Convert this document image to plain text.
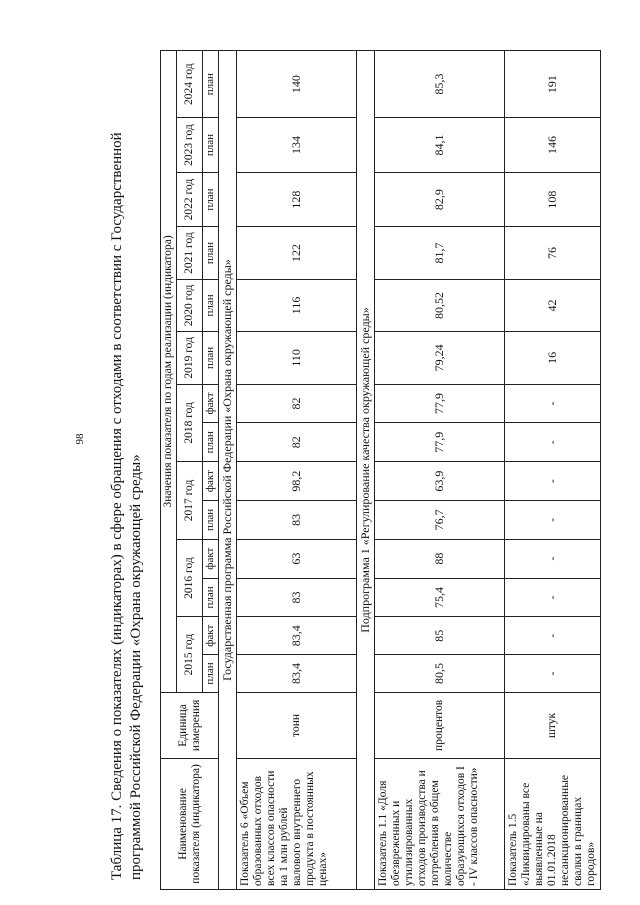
98	Таблица 17. Сведения о показателях (индикаторах) в сфере обращения с отходами в соответствии с Государственной программой Российской Федерации «Охрана окружающей среды»	Наименование показателя (индикатора)	Единица измерения	Значения показателя по годам реализации (индикатора)													
		2015 год		2016 год		2017 год		2018 год		2019 год	2020 год	2021 год	2022 год	2023 год	2024 год
		план	факт	план	факт	план	факт	план	факт	план	план	план	план	план	план
Государственная программа Российской Федерации «Охрана окружающей среды»															
Показатель 6 «Объем образованных отходов всех классов опасности на 1 млн рублей валового внутреннего продукта в постоянных ценах»	тонн	83,4	83,4	83	63	83	98,2	82	82	110	116	122	128	134	140
Подпрограмма 1 «Регулирование качества окружающей среды»															
Показатель 1.1 «Доля обезвреженных и утилизированных отходов производства и потребления в общем количестве образующихся отходов I - IV классов опасности»	процентов	80,5	85	75,4	88	76,7	63,9	77,9	77,9	79,24	80,52	81,7	82,9	84,1	85,3
Показатель 1.5 «Ликвидированы все выявленные на 01.01.2018 несанкционированные свалки в границах городов»	штук	-	-	-	-	-	-	-	-	16	42	76	108	146	191
